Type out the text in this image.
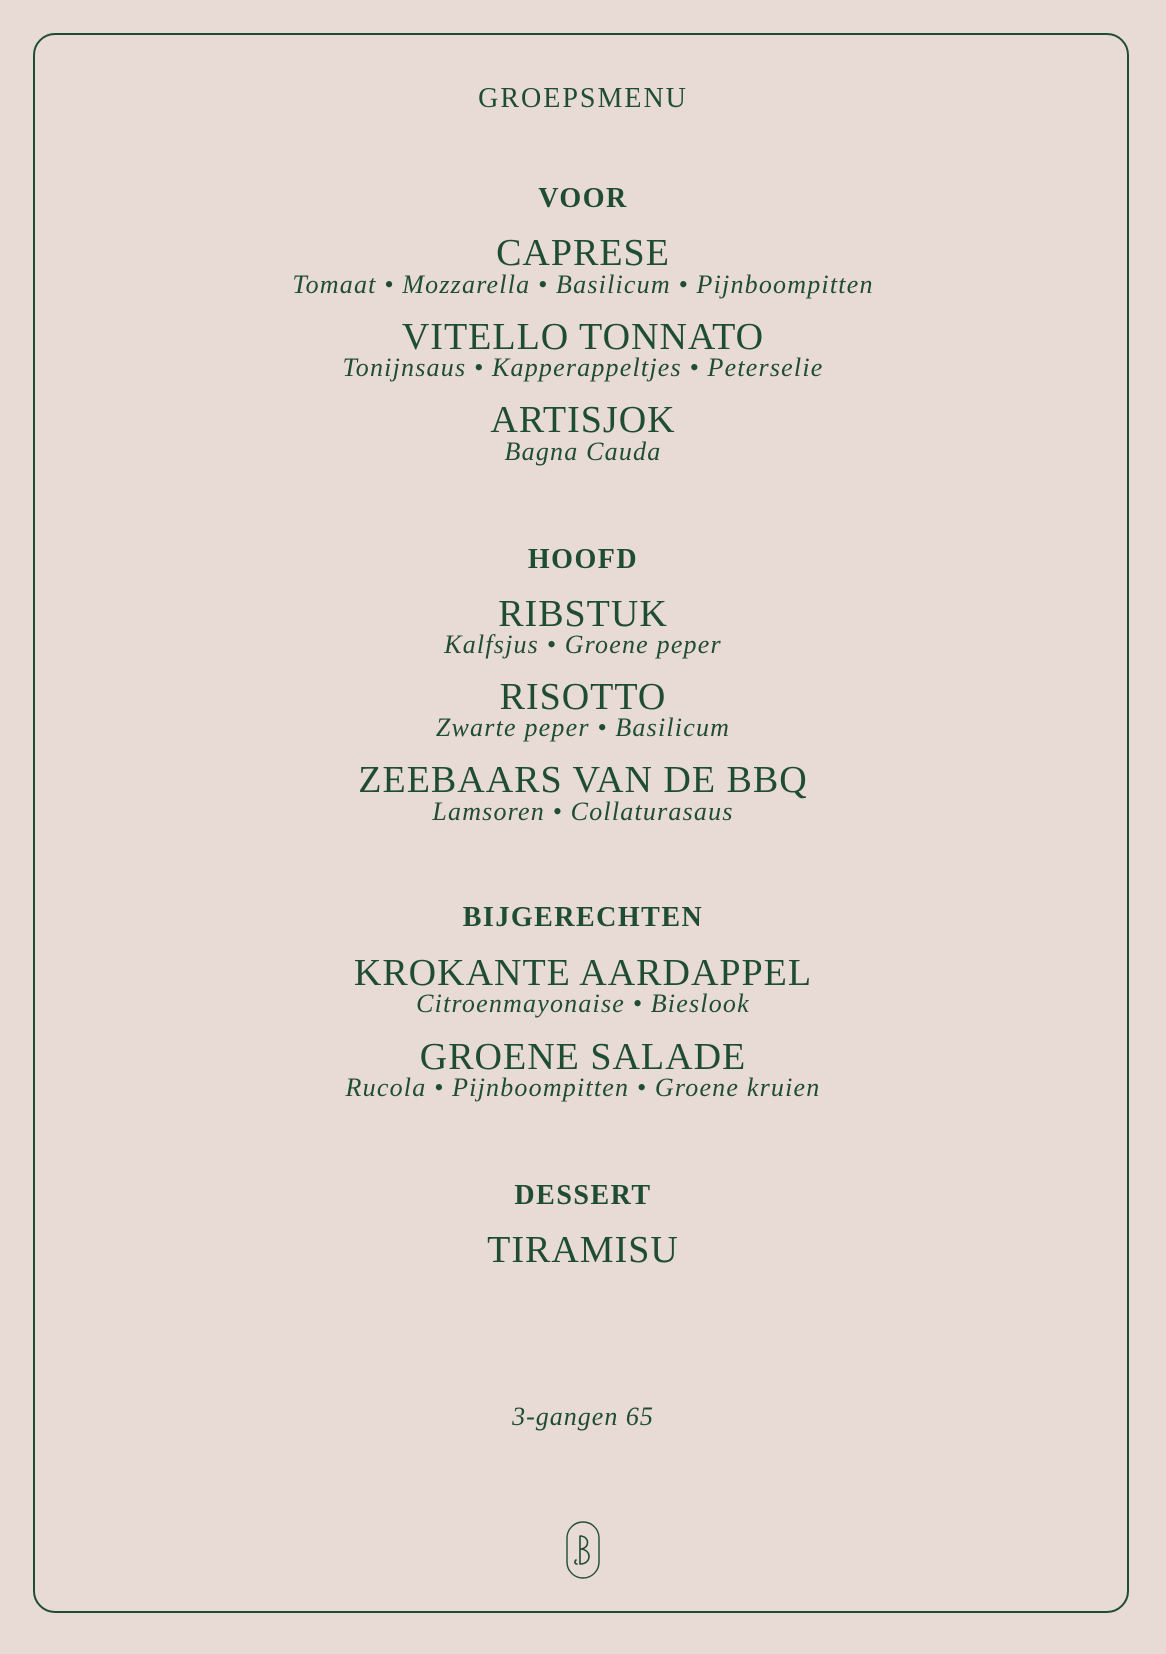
GROEPSMENU
VOOR
CAPRESE
Tomaat • Mozzarella • Basilicum • Pijnboompitten
VITELLO TONNATO
Tonijnsaus • Kapperappeltjes • Peterselie
ARTISJOK
Bagna Cauda
HOOFD
RIBSTUK
Kalfsjus • Groene peper
RISOTTO
Zwarte peper • Basilicum
ZEEBAARS VAN DE BBQ
Lamsoren • Collaturasaus
BIJGERECHTEN
KROKANTE AARDAPPEL
Citroenmayonaise • Bieslook
GROENE SALADE
Rucola • Pijnboompitten • Groene kruien
DESSERT
TIRAMISU
3-gangen 65
